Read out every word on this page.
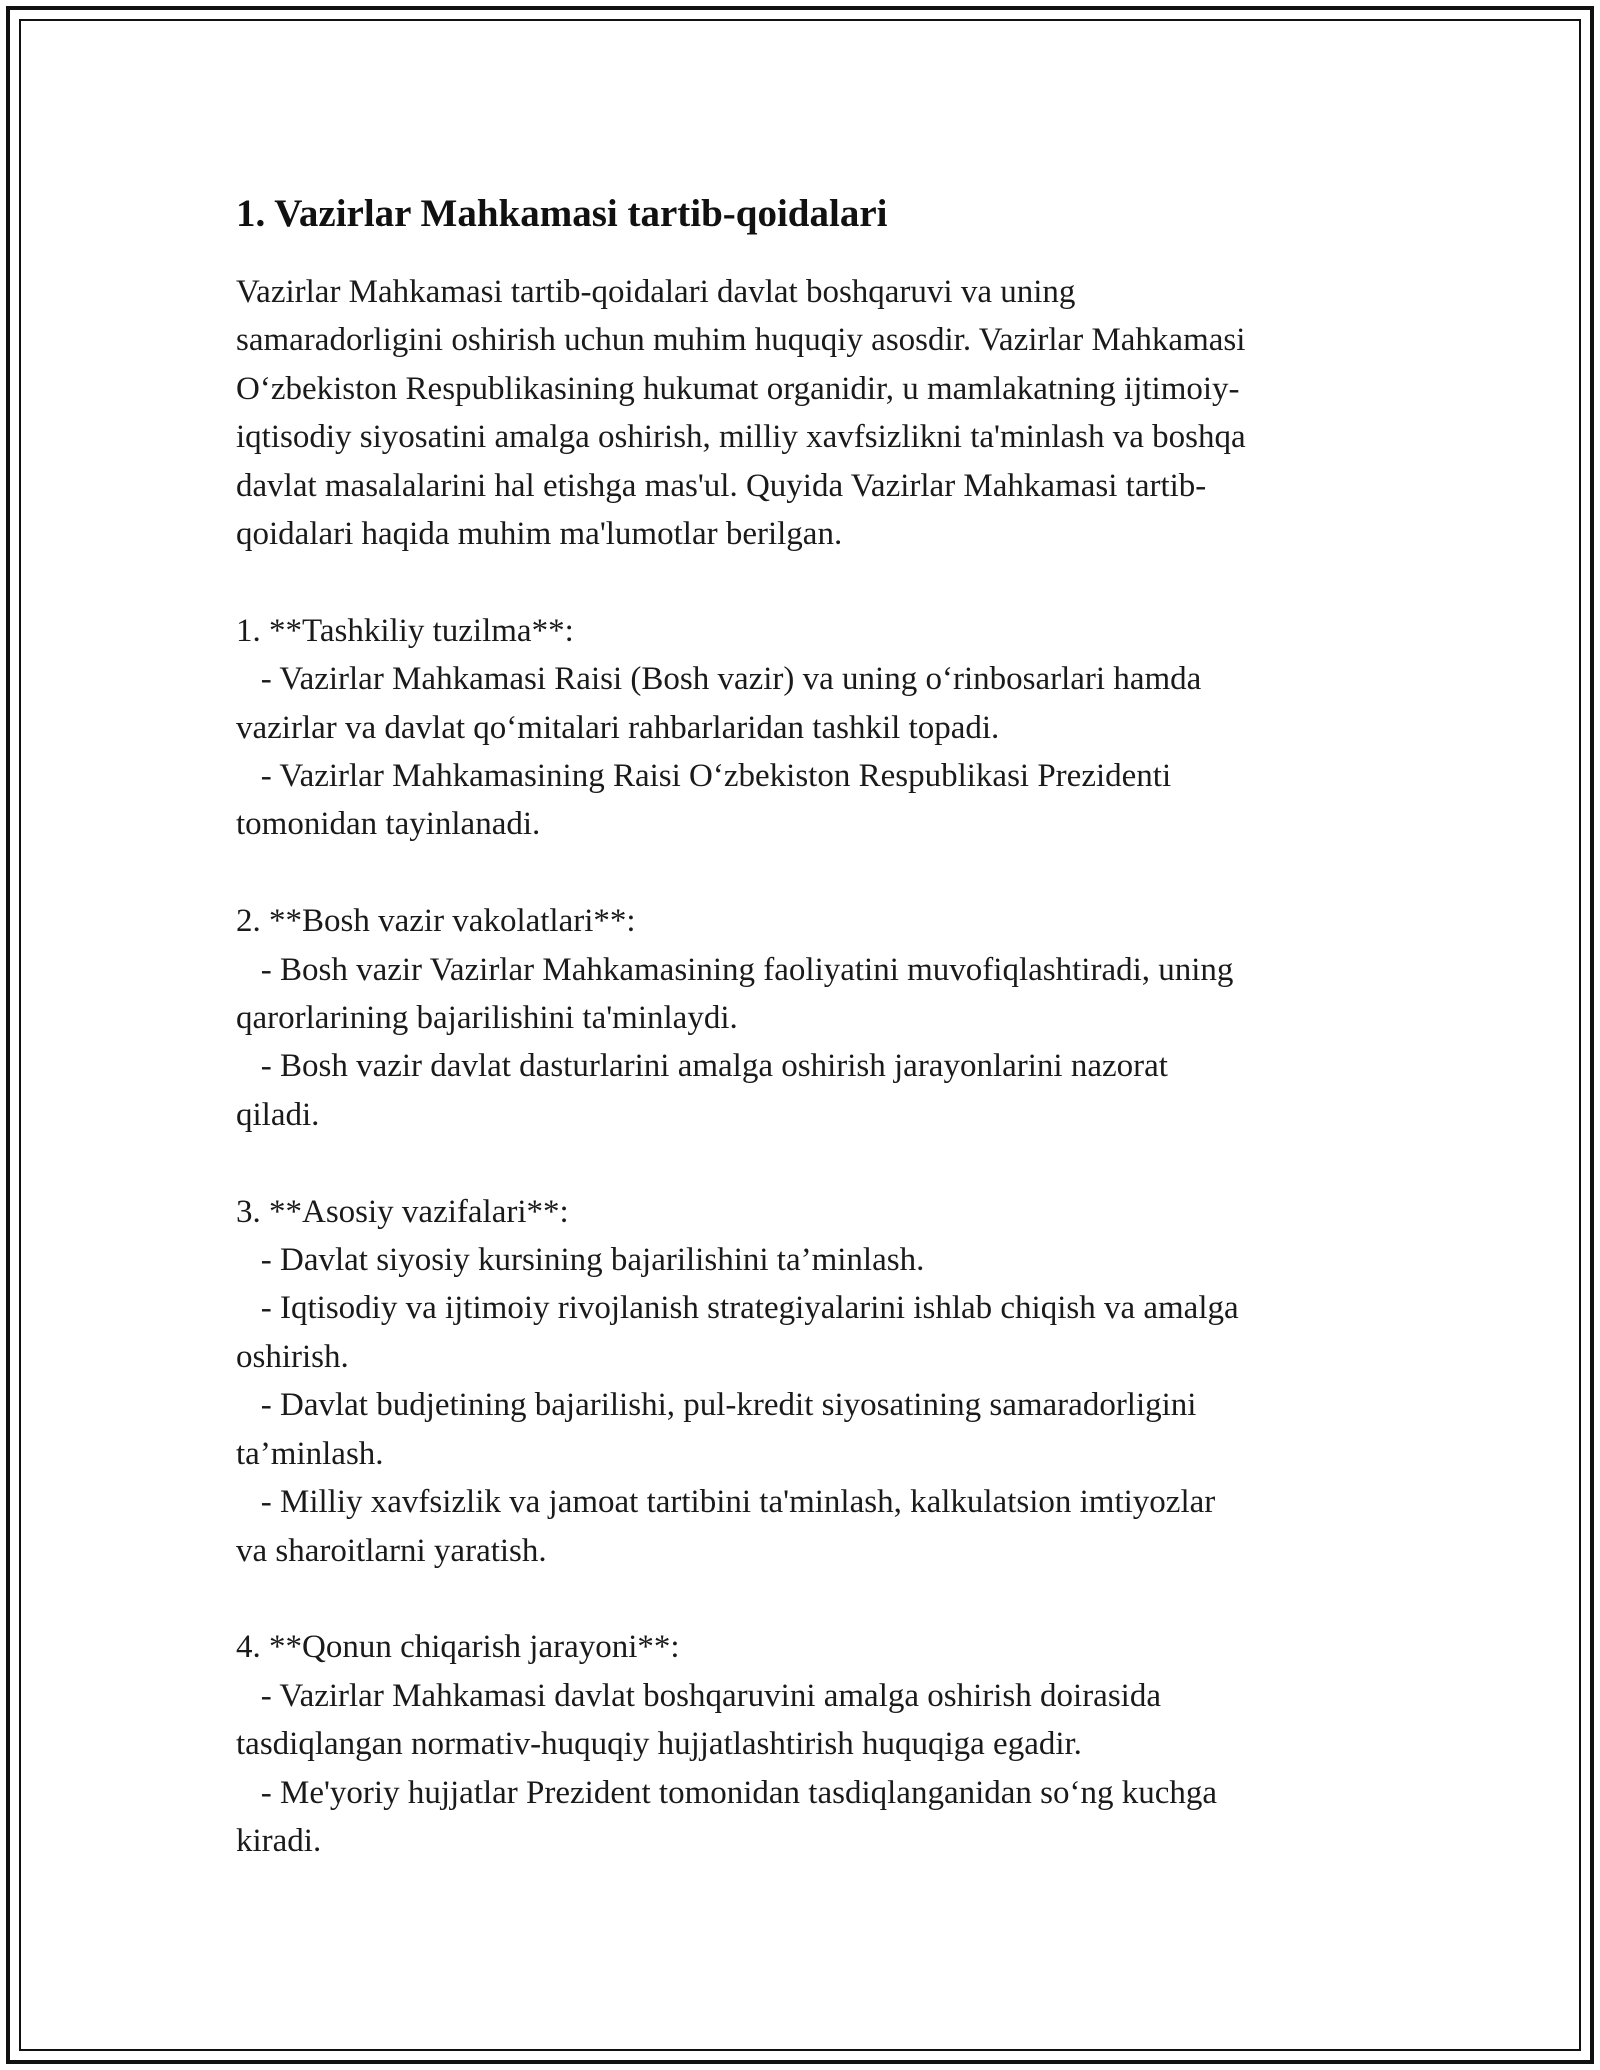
1. Vazirlar Mahkamasi tartib-qoidalari

Vazirlar Mahkamasi tartib-qoidalari davlat boshqaruvi va uning

samaradorligini oshirish uchun muhim huquqiy asosdir. Vazirlar Mahkamasi

O‘zbekiston Respublikasining hukumat organidir, u mamlakatning ijtimoiy-

iqtisodiy siyosatini amalga oshirish, milliy xavfsizlikni ta'minlash va boshqa

davlat masalalarini hal etishga mas'ul. Quyida Vazirlar Mahkamasi tartib-

qoidalari haqida muhim ma'lumotlar berilgan.

1. **Tashkiliy tuzilma**:

- Vazirlar Mahkamasi Raisi (Bosh vazir) va uning o‘rinbosarlari hamda

vazirlar va davlat qo‘mitalari rahbarlaridan tashkil topadi.

- Vazirlar Mahkamasining Raisi O‘zbekiston Respublikasi Prezidenti

tomonidan tayinlanadi.

2. **Bosh vazir vakolatlari**:

- Bosh vazir Vazirlar Mahkamasining faoliyatini muvofiqlashtiradi, uning

qarorlarining bajarilishini ta'minlaydi.

- Bosh vazir davlat dasturlarini amalga oshirish jarayonlarini nazorat

qiladi.

3. **Asosiy vazifalari**:

- Davlat siyosiy kursining bajarilishini ta’minlash.

- Iqtisodiy va ijtimoiy rivojlanish strategiyalarini ishlab chiqish va amalga

oshirish.

- Davlat budjetining bajarilishi, pul-kredit siyosatining samaradorligini

ta’minlash.

- Milliy xavfsizlik va jamoat tartibini ta'minlash, kalkulatsion imtiyozlar

va sharoitlarni yaratish.

4. **Qonun chiqarish jarayoni**:

- Vazirlar Mahkamasi davlat boshqaruvini amalga oshirish doirasida

tasdiqlangan normativ-huquqiy hujjatlashtirish huquqiga egadir.

- Me'yoriy hujjatlar Prezident tomonidan tasdiqlanganidan so‘ng kuchga

kiradi.
